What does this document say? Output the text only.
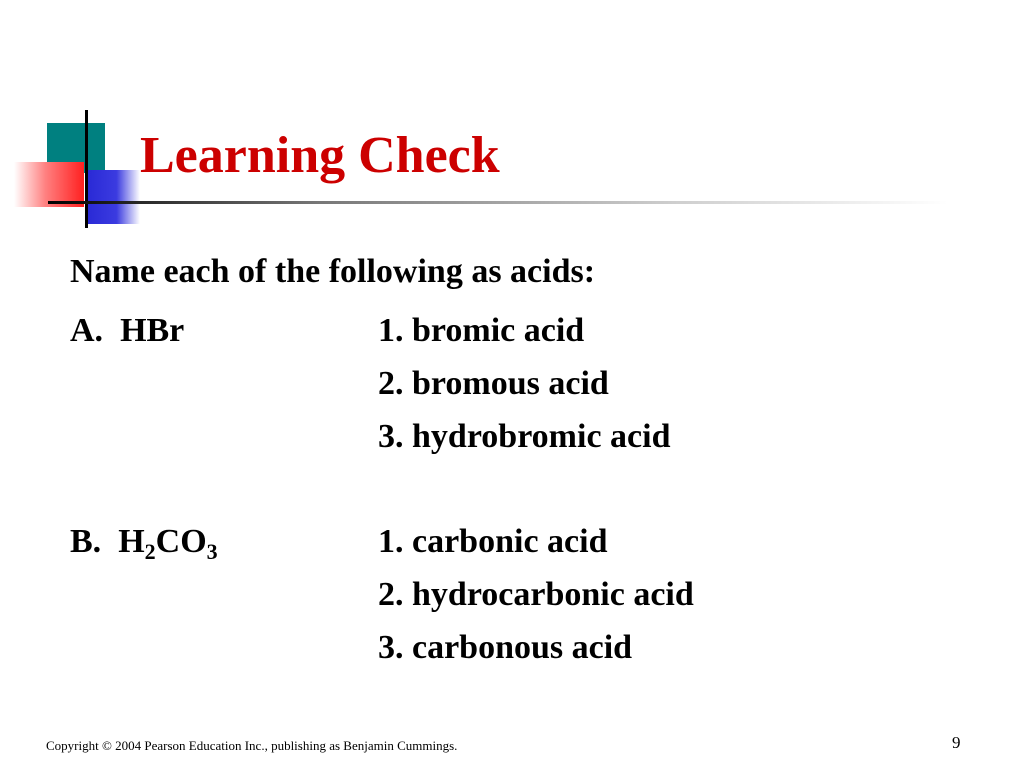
Learning Check
Name each of the following as acids:
A. HBr	1. bromic acid
2. bromous acid
3. hydrobromic acid
B. $H_2CO_3$	1. carbonic acid
2. hydrocarbonic acid
3. carbonous acid
Copyright © 2004 Pearson Education Inc., publishing as Benjamin Cummings.	9
